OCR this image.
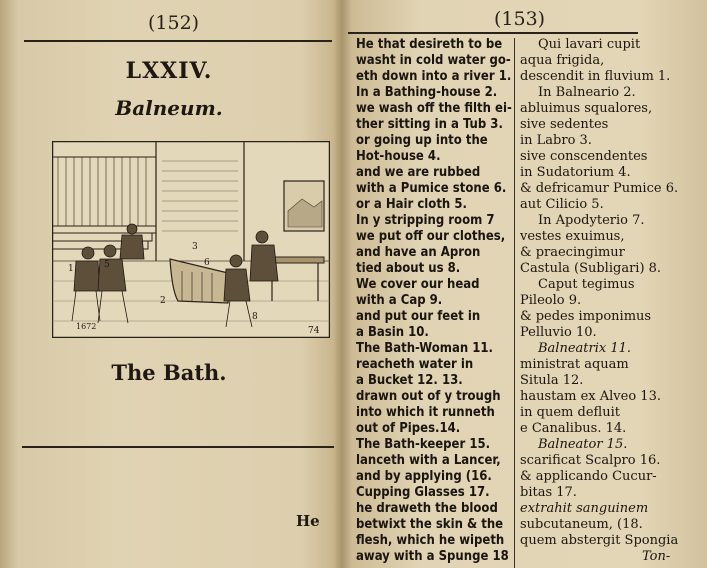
(152)
LXXIV.
Balneum.
1
2
3
5	6
8
74
1672
The Bath.
He
(153)
He that desireth to be
washt in cold water go-
eth down into a river 1.
In a Bathing-house 2.
we wash off the filth ei-
ther sitting in a Tub 3.
or going up into the
Hot-house 4.
and we are rubbed
with a Pumice stone 6.
or a Hair cloth 5.
In y stripping room 7
we put off our clothes,
and have an Apron
tied about us 8.
We cover our head
with a Cap 9.
and put our feet in
a Basin 10.
The Bath-Woman 11.
reacheth water in
a Bucket 12. 13.
drawn out of y trough
into which it runneth
out of Pipes.14.
The Bath-keeper 15.
lanceth with a Lancer,
and by applying (16.
Cupping Glasses 17.
he draweth the blood
betwixt the skin & the
flesh, which he wipeth
away with a Spunge 18
Qui lavari cupit
aqua frigida,
descendit in fluvium 1.
In Balneario 2.
abluimus squalores,
sive sedentes
in Labro 3.
sive conscendentes
in Sudatorium 4.
& defricamur Pumice 6.
aut Cilicio 5.
In Apodyterio 7.
vestes exuimus,
& praecingimur
Castula (Subligari) 8.
Caput tegimus
Pileolo 9.
& pedes imponimus
Pelluvio 10.
Balneatrix 11.
ministrat aquam
Situla 12.
haustam ex Alveo 13.
in quem defluit
e Canalibus. 14.
Balneator 15.
scarificat Scalpro 16.
& applicando Cucur-
bitas 17.
extrahit sanguinem
subcutaneum, (18.
quem abstergit Spongia
Ton-
